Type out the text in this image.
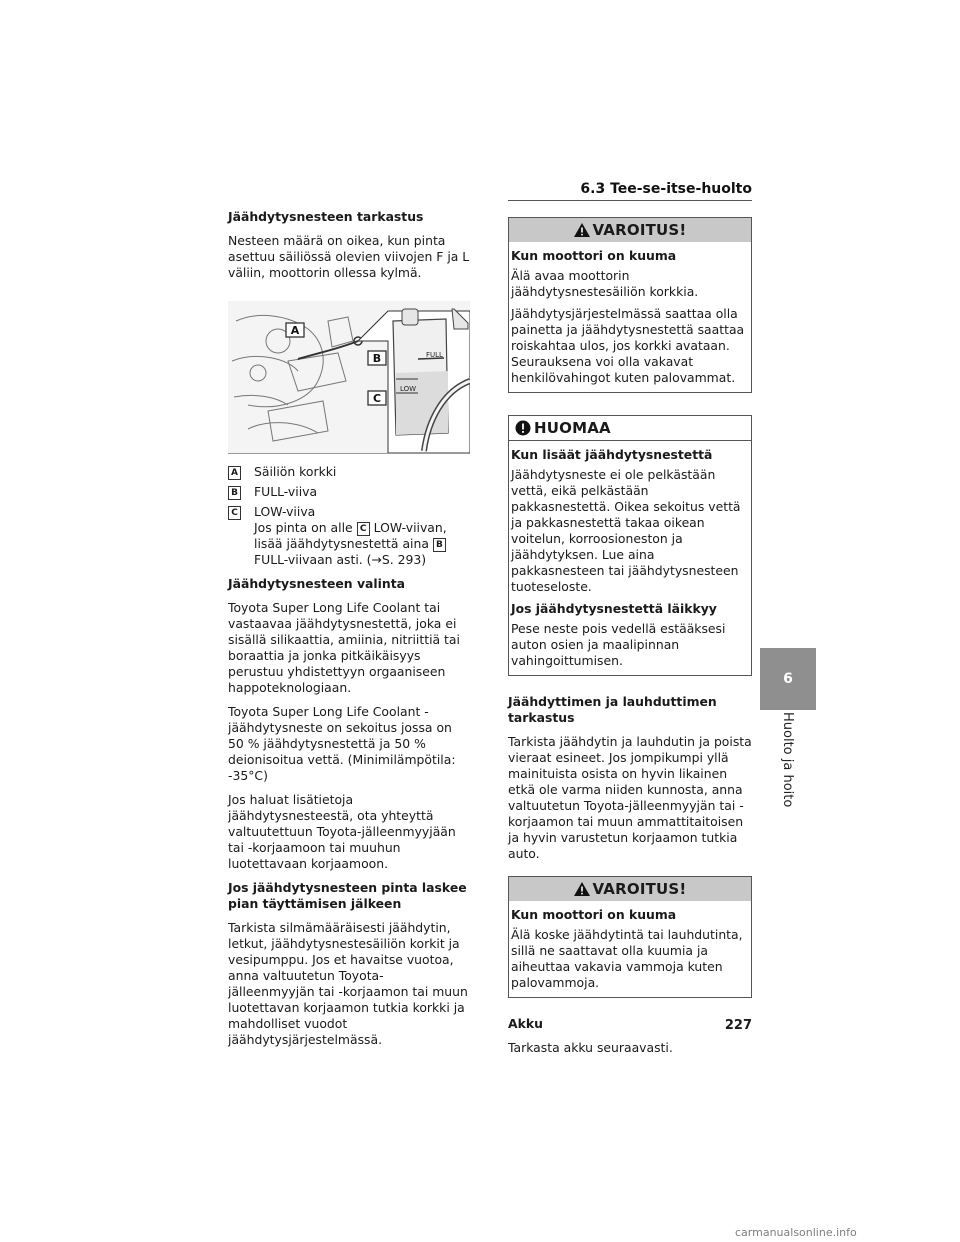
6.3 Tee-se-itse-huolto

Jäähdytysnesteen tarkastus

Nesteen määrä on oikea, kun pinta asettuu säiliössä olevien viivojen F ja L väliin, moottorin ollessa kylmä.

FULL
LOW
A
B
C
A Säiliön korkki
B FULL-viiva
C LOW-viiva
Jos pinta on alle C LOW-viivan, lisää jäähdytysnestettä aina BFULL-viivaan asti. (→S. 293)

Jäähdytysnesteen valinta

Toyota Super Long Life Coolant tai vastaavaa jäähdytysnestettä, joka ei sisällä silikaattia, amiinia, nitriittiä tai boraattia ja jonka pitkäikäisyys perustuu yhdistettyyn orgaaniseen happoteknologiaan.

Toyota Super Long Life Coolant -jäähdytysneste on sekoitus jossa on 50 % jäähdytysnestettä ja 50 % deionisoitua vettä. (Minimilämpötila: -35°C)

Jos haluat lisätietoja jäähdytysnesteestä, ota yhteyttä valtuutettuun Toyota-jälleenmyyjään tai -korjaamoon tai muuhun luotettavaan korjaamoon.

Jos jäähdytysnesteen pinta laskee pian täyttämisen jälkeen

Tarkista silmämääräisesti jäähdytin, letkut, jäähdytysnestesäiliön korkit ja vesipumppu. Jos et havaitse vuotoa, anna valtuutetun Toyota-jälleenmyyjän tai -korjaamon tai muun luotettavan korjaamon tutkia korkki ja mahdolliset vuodot jäähdytysjärjestelmässä.

VAROITUS!

Kun moottori on kuuma

Älä avaa moottorin jäähdytysnestesäiliön korkkia.

Jäähdytysjärjestelmässä saattaa olla painetta ja jäähdytysnestettä saattaa roiskahtaa ulos, jos korkki avataan. Seurauksena voi olla vakavat henkilövahingot kuten palovammat.

HUOMAA

Kun lisäät jäähdytysnestettä

Jäähdytysneste ei ole pelkästään vettä, eikä pelkästään pakkasnestettä. Oikea sekoitus vettä ja pakkasnestettä takaa oikean voitelun, korroosioneston ja jäähdytyksen. Lue aina pakkasnesteen tai jäähdytysnesteen tuoteseloste.

Jos jäähdytysnestettä läikkyy

Pese neste pois vedellä estääksesi auton osien ja maalipinnan vahingoittumisen.

Jäähdyttimen ja lauhduttimen tarkastus

Tarkista jäähdytin ja lauhdutin ja poista vieraat esineet. Jos jompikumpi yllä mainituista osista on hyvin likainen etkä ole varma niiden kunnosta, anna valtuutetun Toyota-jälleenmyyjän tai -korjaamon tai muun ammattitaitoisen ja hyvin varustetun korjaamon tutkia auto.

VAROITUS!

Kun moottori on kuuma

Älä koske jäähdytintä tai lauhdutinta, sillä ne saattavat olla kuumia ja aiheuttaa vakavia vammoja kuten palovammoja.

Akku

Tarkasta akku seuraavasti.

6
Huolto ja hoito
227
carmanualsonline.info
